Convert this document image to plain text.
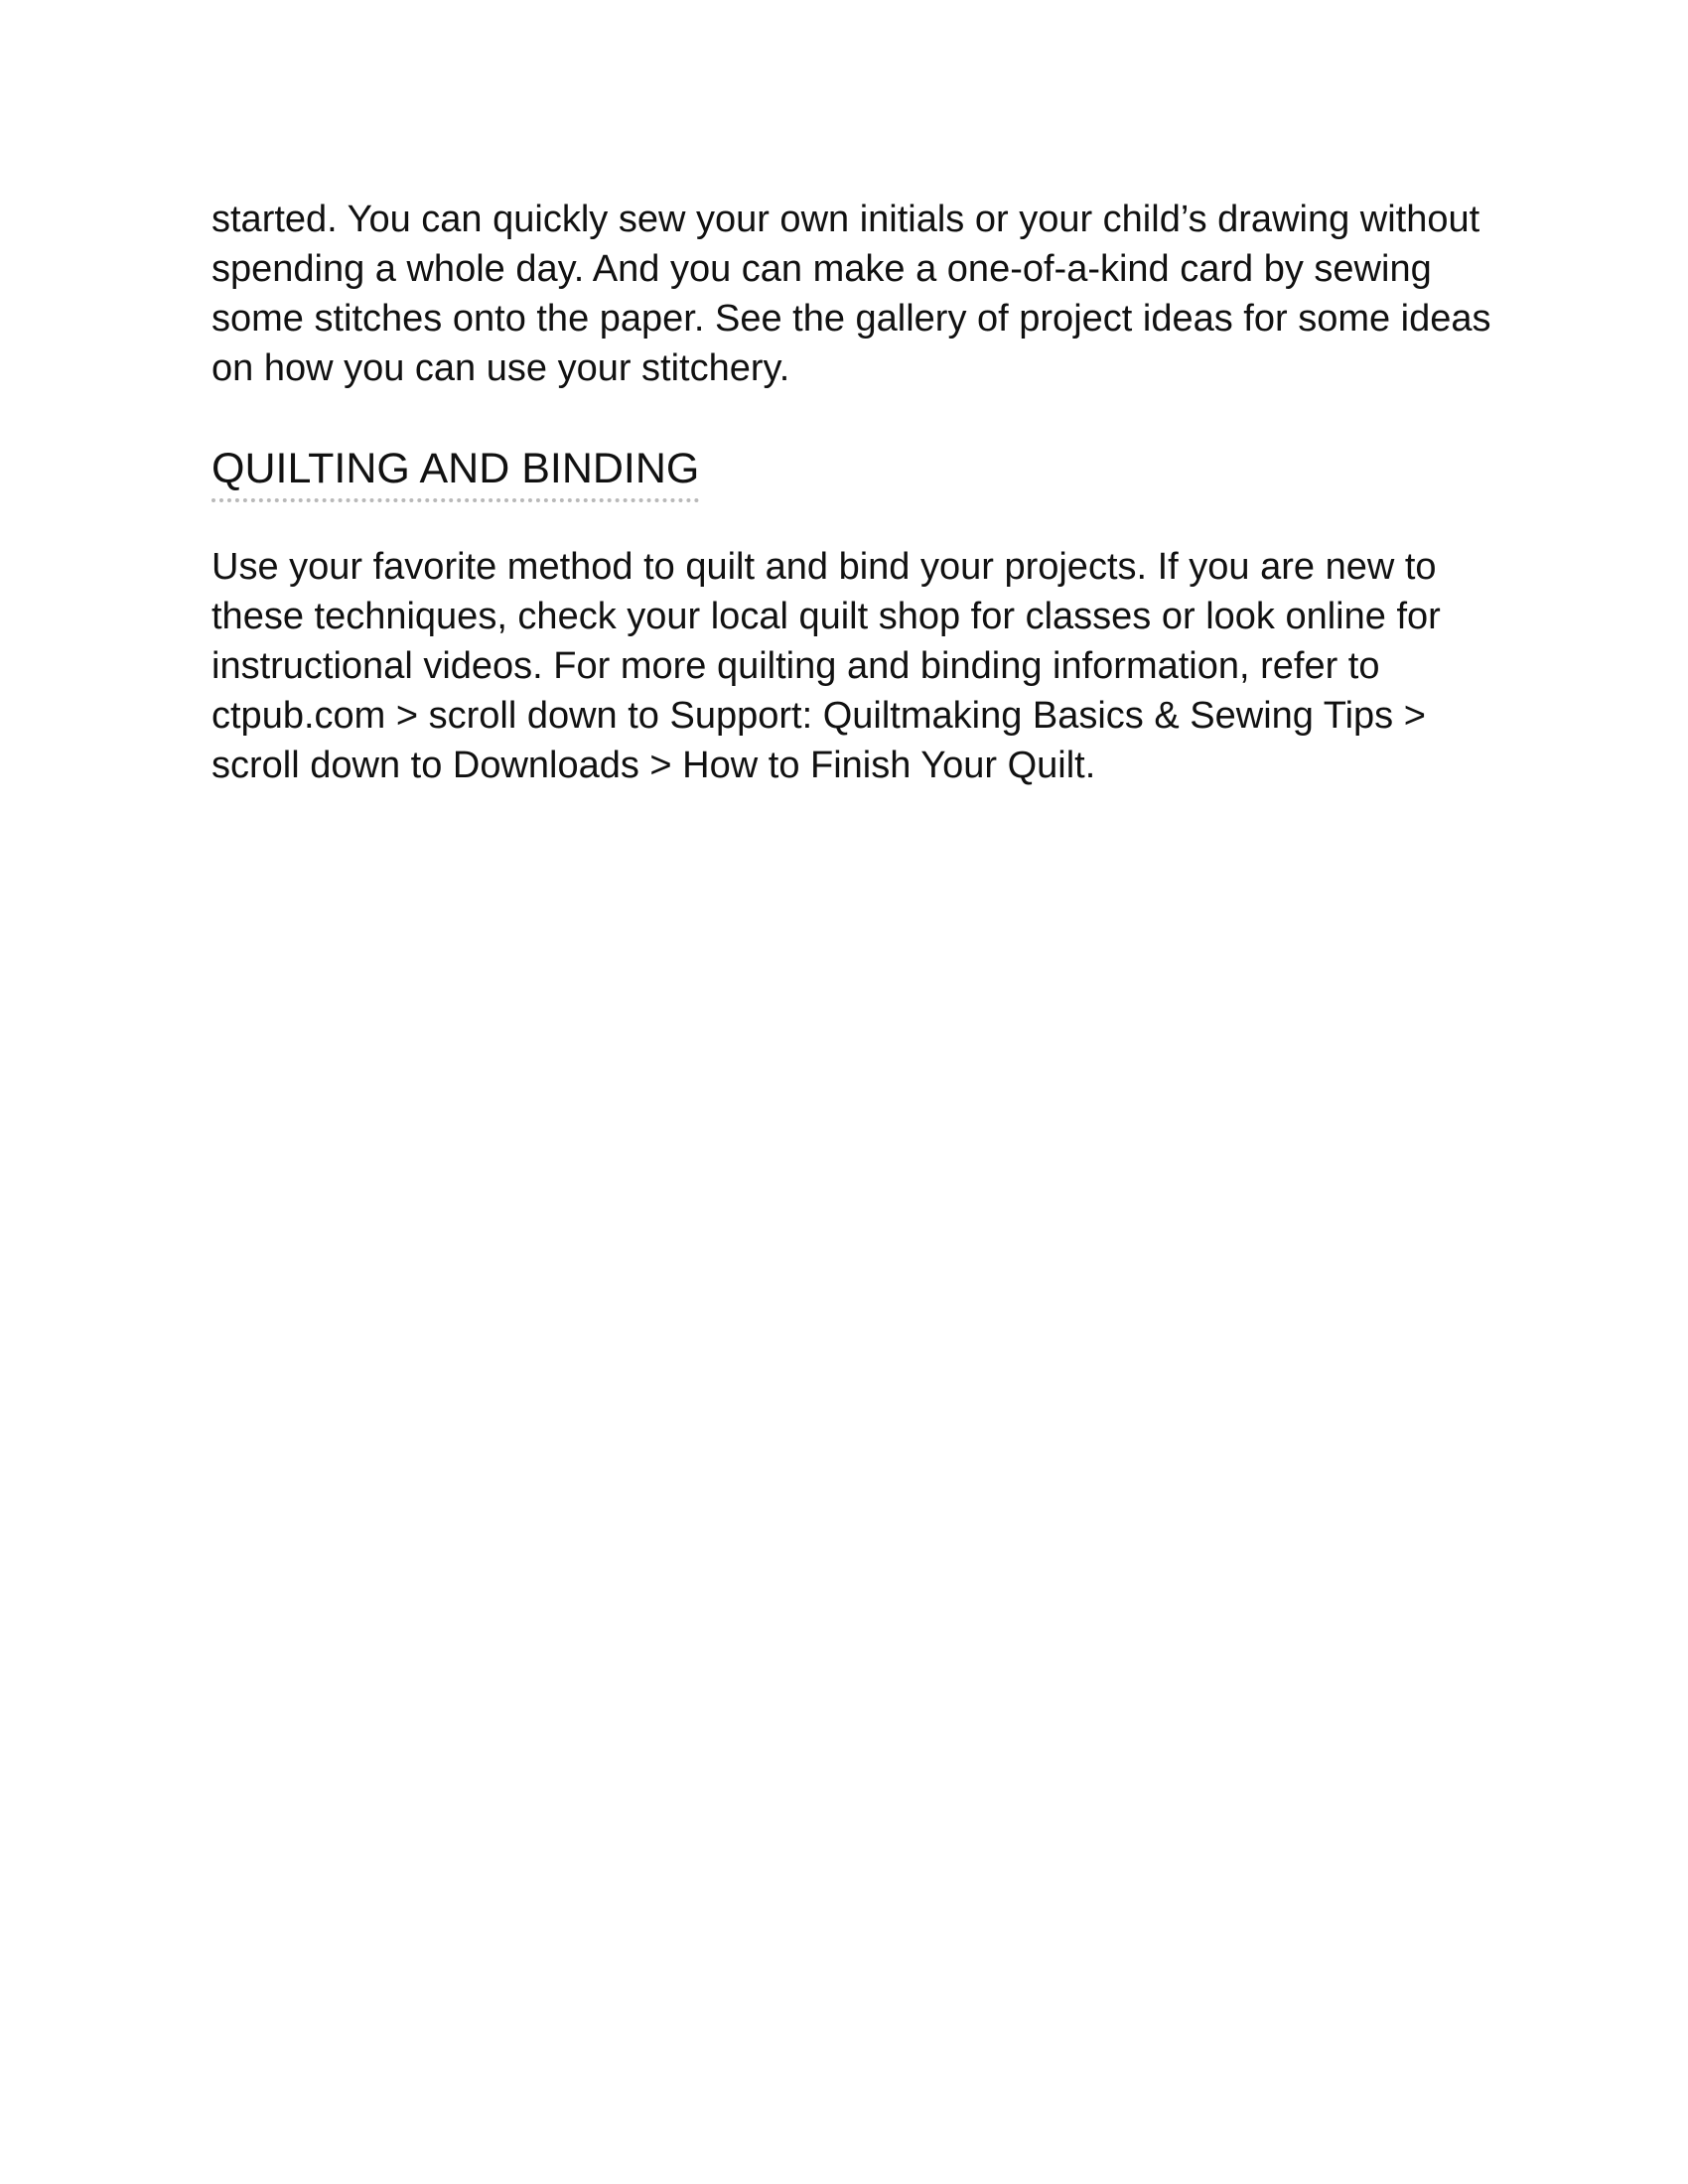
started. You can quickly sew your own initials or your child’s drawing without spending a whole day. And you can make a one-of-a-kind card by sewing some stitches onto the paper. See the gallery of project ideas for some ideas on how you can use your stitchery.

QUILTING AND BINDING

Use your favorite method to quilt and bind your projects. If you are new to these techniques, check your local quilt shop for classes or look online for instructional videos. For more quilting and binding information, refer to ctpub.com > scroll down to Support: Quiltmaking Basics & Sewing Tips > scroll down to Downloads > How to Finish Your Quilt.
